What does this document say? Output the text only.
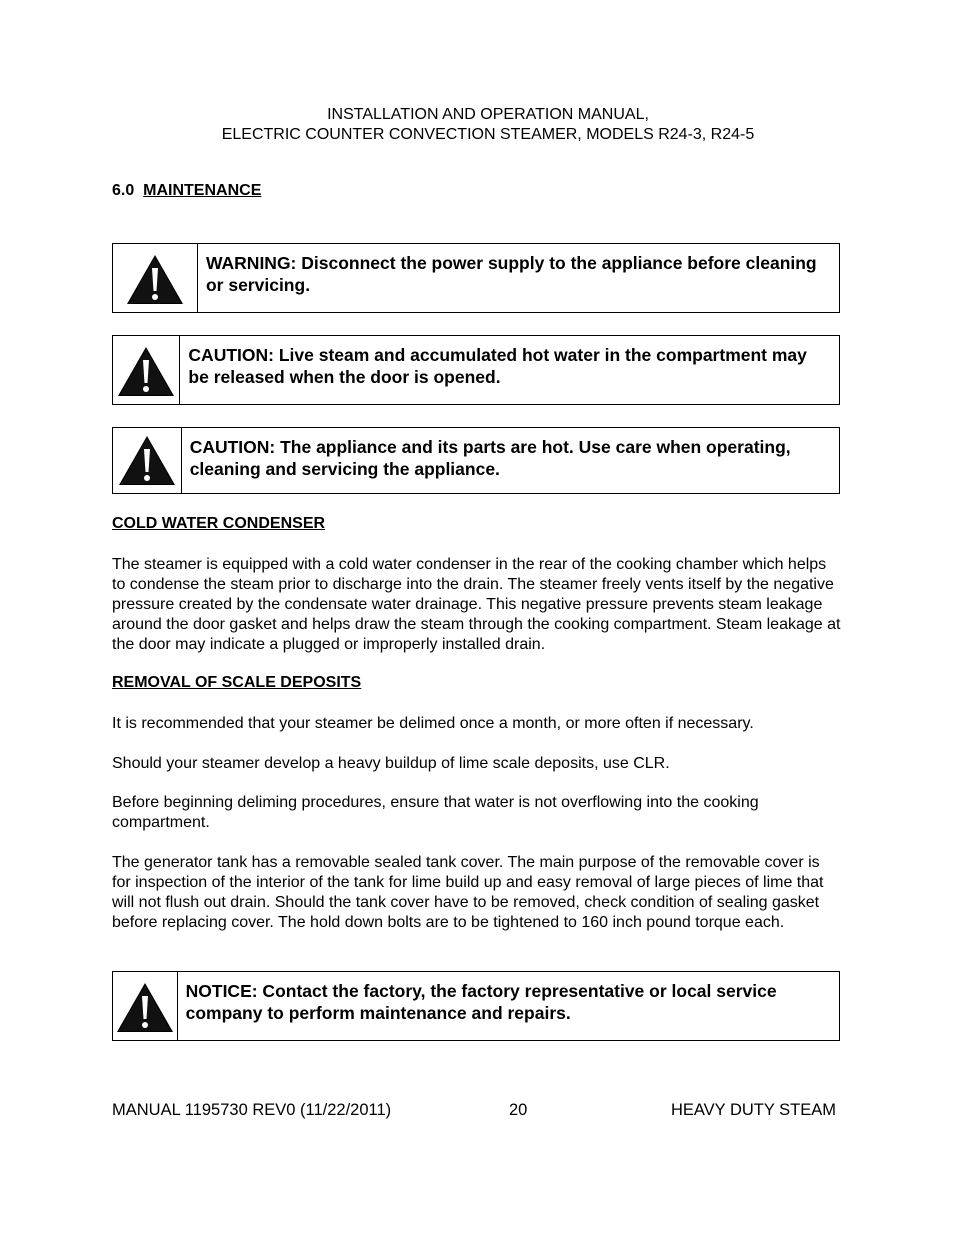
INSTALLATION AND OPERATION MANUAL,
ELECTRIC COUNTER CONVECTION STEAMER, MODELS R24-3, R24-5
6.0 MAINTENANCE
WARNING: Disconnect the power supply to the appliance before cleaning or servicing.
CAUTION: Live steam and accumulated hot water in the compartment may be released when the door is opened.
CAUTION: The appliance and its parts are hot. Use care when operating, cleaning and servicing the appliance.
COLD WATER CONDENSER

The steamer is equipped with a cold water condenser in the rear of the cooking chamber which helps to condense the steam prior to discharge into the drain. The steamer freely vents itself by the negative pressure created by the condensate water drainage. This negative pressure prevents steam leakage around the door gasket and helps draw the steam through the cooking compartment. Steam leakage at the door may indicate a plugged or improperly installed drain.

REMOVAL OF SCALE DEPOSITS

It is recommended that your steamer be delimed once a month, or more often if necessary.

Should your steamer develop a heavy buildup of lime scale deposits, use CLR.

Before beginning deliming procedures, ensure that water is not overflowing into the cooking compartment.

The generator tank has a removable sealed tank cover. The main purpose of the removable cover is for inspection of the interior of the tank for lime build up and easy removal of large pieces of lime that will not flush out drain. Should the tank cover have to be removed, check condition of sealing gasket before replacing cover. The hold down bolts are to be tightened to 160 inch pound torque each.

NOTICE: Contact the factory, the factory representative or local service company to perform maintenance and repairs.
MANUAL 1195730 REV0 (11/22/2011)	20	HEAVY DUTY STEAM
